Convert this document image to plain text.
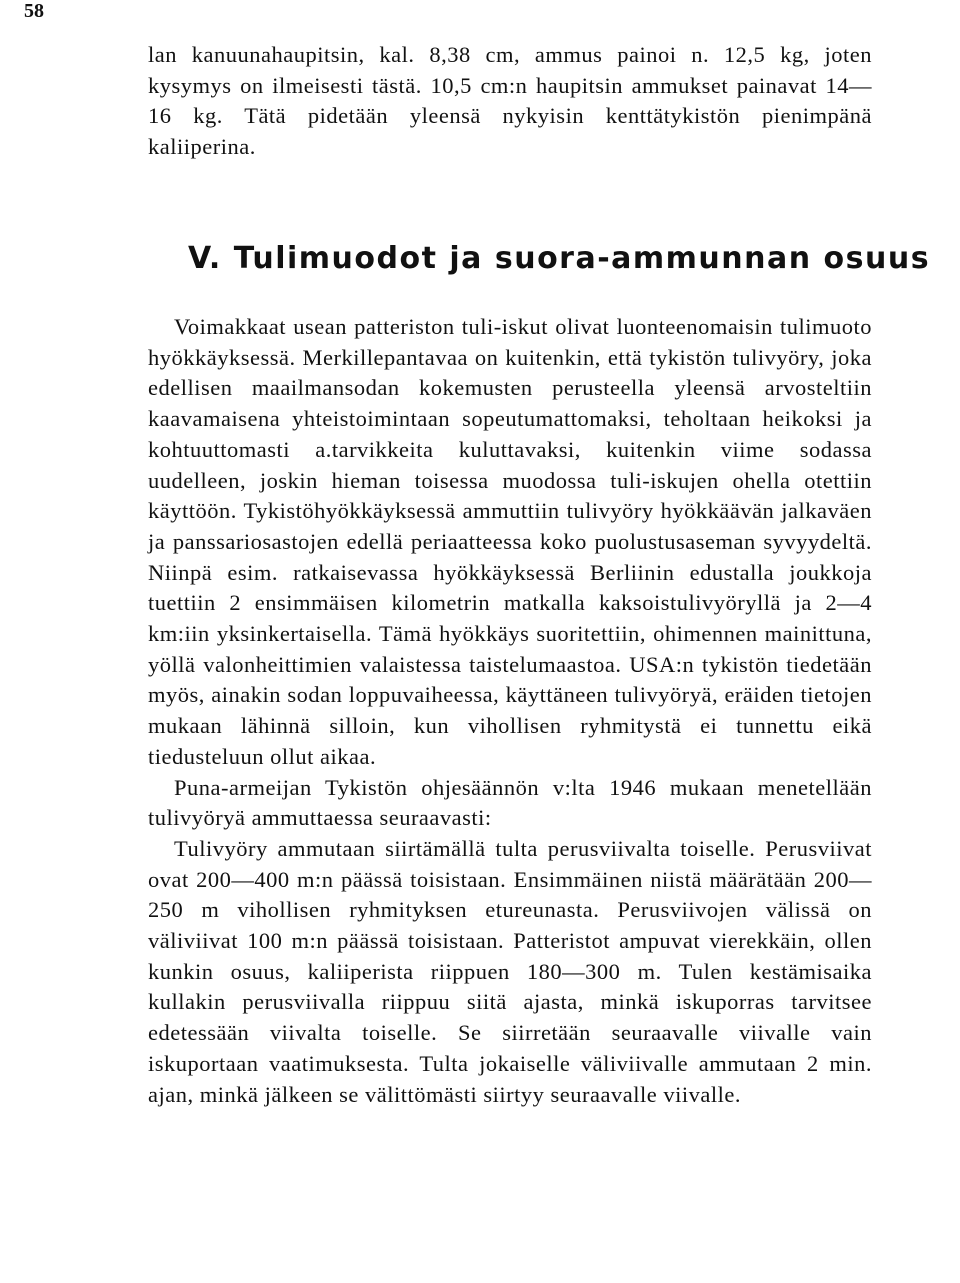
58

lan kanuunahaupitsin, kal. 8,38 cm, ammus painoi n. 12,5 kg, joten kysymys on ilmeisesti tästä. 10,5 cm:n haupitsin ammukset painavat 14—16 kg. Tätä pidetään yleensä nykyisin kenttätykistön pienimpänä kaliiperina.

V. Tulimuodot ja suora-ammunnan osuus

Voimakkaat usean patteriston tuli-iskut olivat luonteenomaisin tulimuoto hyökkäyksessä. Merkillepantavaa on kuitenkin, että tykistön tulivyöry, joka edellisen maailmansodan kokemusten perusteella yleensä arvosteltiin kaavamaisena yhteistoimintaan sopeutumattomaksi, teholtaan heikoksi ja kohtuuttomasti a.tarvikkeita kuluttavaksi, kuitenkin viime sodassa uudelleen, joskin hieman toisessa muodossa tuli-iskujen ohella otettiin käyttöön. Tykistöhyökkäyksessä ammuttiin tulivyöry hyökkäävän jalkaväen ja panssariosastojen edellä periaatteessa koko puolustusaseman syvyydeltä. Niinpä esim. ratkaisevassa hyökkäyksessä Berliinin edustalla joukkoja tuettiin 2 ensimmäisen kilometrin matkalla kaksoistulivyöryllä ja 2—4 km:iin yksinkertaisella. Tämä hyökkäys suoritettiin, ohimennen mainittuna, yöllä valonheittimien valaistessa taistelumaastoa. USA:n tykistön tiedetään myös, ainakin sodan loppuvaiheessa, käyttäneen tulivyöryä, eräiden tietojen mukaan lähinnä silloin, kun vihollisen ryhmitystä ei tunnettu eikä tiedusteluun ollut aikaa.

Puna-armeijan Tykistön ohjesäännön v:lta 1946 mukaan menetellään tulivyöryä ammuttaessa seuraavasti:

Tulivyöry ammutaan siirtämällä tulta perusviivalta toiselle. Perusviivat ovat 200—400 m:n päässä toisistaan. Ensimmäinen niistä määrätään 200—250 m vihollisen ryhmityksen etureunasta. Perusviivojen välissä on väliviivat 100 m:n päässä toisistaan. Patteristot ampuvat vierekkäin, ollen kunkin osuus, kaliiperista riippuen 180—300 m. Tulen kestämisaika kullakin perusviivalla riippuu siitä ajasta, minkä iskuporras tarvitsee edetessään viivalta toiselle. Se siirretään seuraavalle viivalle vain iskuportaan vaatimuksesta. Tulta jokaiselle väliviivalle ammutaan 2 min. ajan, minkä jälkeen se välittömästi siirtyy seuraavalle viivalle.
